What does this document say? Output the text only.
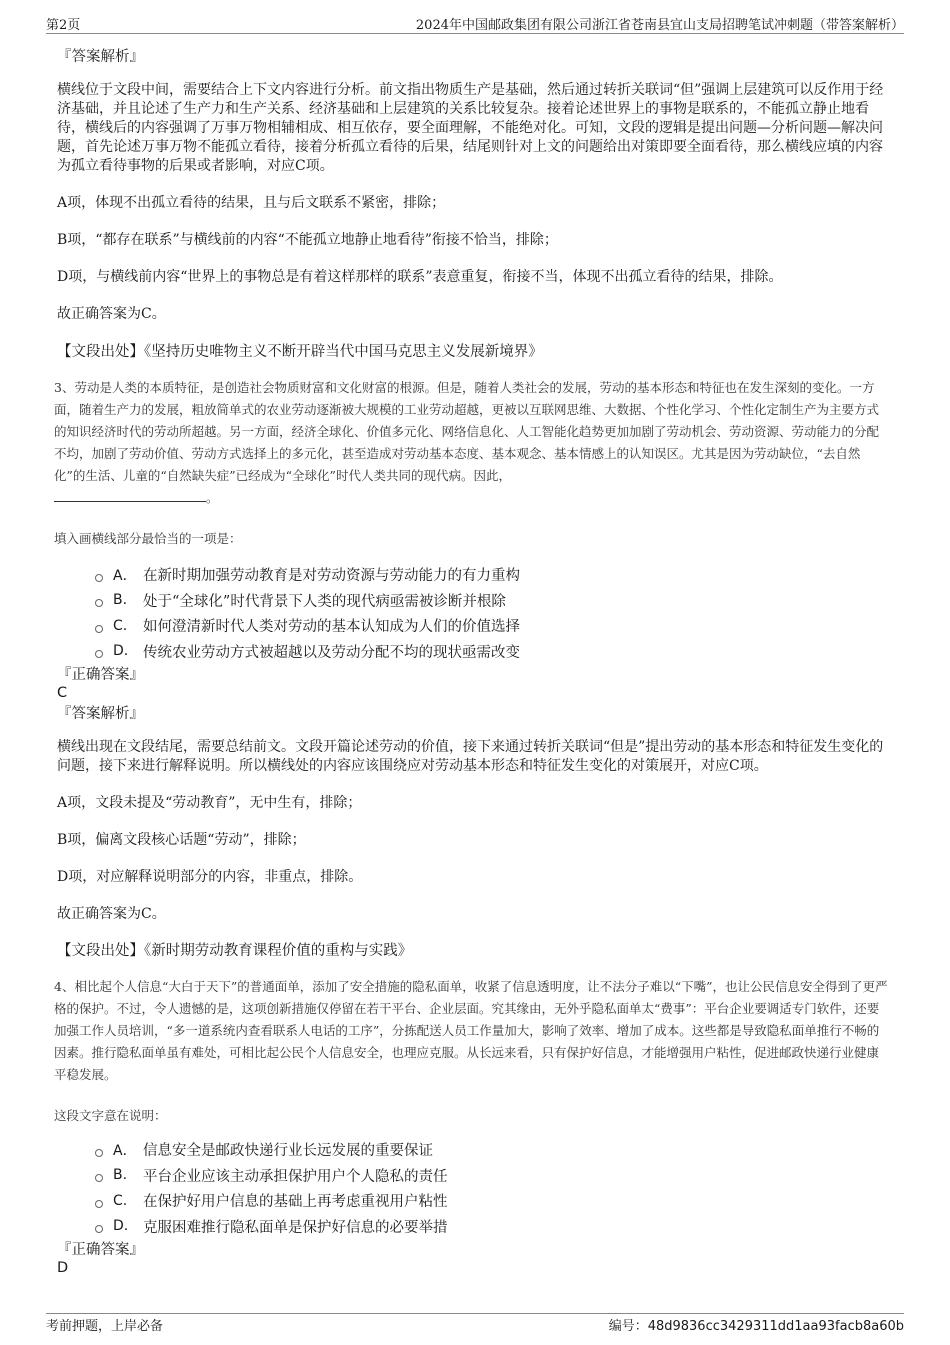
第2页	2024年中国邮政集团有限公司浙江省苍南县宜山支局招聘笔试冲刺题（带答案解析）
『答案解析』

横线位于文段中间，需要结合上下文内容进行分析。前文指出物质生产是基础，然后通过转折关联词“但”强调上层建筑可以反作用于经济基础，并且论述了生产力和生产关系、经济基础和上层建筑的关系比较复杂。接着论述世界上的事物是联系的，不能孤立静止地看待，横线后的内容强调了万事万物相辅相成、相互依存，要全面理解，不能绝对化。可知，文段的逻辑是提出问题—分析问题—解决问题，首先论述万事万物不能孤立看待，接着分析孤立看待的后果，结尾则针对上文的问题给出对策即要全面看待，那么横线应填的内容为孤立看待事物的后果或者影响，对应C项。

A项，体现不出孤立看待的结果，且与后文联系不紧密，排除；

B项，“都存在联系”与横线前的内容“不能孤立地静止地看待”衔接不恰当，排除；

D项，与横线前内容“世界上的事物总是有着这样那样的联系”表意重复，衔接不当，体现不出孤立看待的结果，排除。

故正确答案为C。

【文段出处】《坚持历史唯物主义不断开辟当代中国马克思主义发展新境界》

3、劳动是人类的本质特征，是创造社会物质财富和文化财富的根源。但是，随着人类社会的发展，劳动的基本形态和特征也在发生深刻的变化。一方面，随着生产力的发展，粗放简单式的农业劳动逐渐被大规模的工业劳动超越，更被以互联网思维、大数据、个性化学习、个性化定制生产为主要方式的知识经济时代的劳动所超越。另一方面，经济全球化、价值多元化、网络信息化、人工智能化趋势更加加剧了劳动机会、劳动资源、劳动能力的分配不均，加剧了劳动价值、劳动方式选择上的多元化，甚至造成对劳动基本态度、基本观念、基本情感上的认知误区。尤其是因为劳动缺位，“去自然化”的生活、儿童的“自然缺失症”已经成为“全球化”时代人类共同的现代病。因此，
。

填入画横线部分最恰当的一项是：

A． 在新时期加强劳动教育是对劳动资源与劳动能力的有力重构
B.	处于“全球化”时代背景下人类的现代病亟需被诊断并根除
C.	如何澄清新时代人类对劳动的基本认知成为人们的价值选择
D.	传统农业劳动方式被超越以及劳动分配不均的现状亟需改变
『正确答案』
C
『答案解析』

横线出现在文段结尾，需要总结前文。文段开篇论述劳动的价值，接下来通过转折关联词“但是”提出劳动的基本形态和特征发生变化的问题，接下来进行解释说明。所以横线处的内容应该围绕应对劳动基本形态和特征发生变化的对策展开，对应C项。

A项，文段未提及“劳动教育”，无中生有，排除；

B项，偏离文段核心话题“劳动”，排除；

D项，对应解释说明部分的内容，非重点，排除。

故正确答案为C。

【文段出处】《新时期劳动教育课程价值的重构与实践》

4、相比起个人信息“大白于天下”的普通面单，添加了安全措施的隐私面单，收紧了信息透明度，让不法分子难以“下嘴”，也让公民信息安全得到了更严格的保护。不过，令人遗憾的是，这项创新措施仅停留在若干平台、企业层面。究其缘由，无外乎隐私面单太“费事”：平台企业要调适专门软件，还要加强工作人员培训，“多一道系统内查看联系人电话的工序”，分拣配送人员工作量加大，影响了效率、增加了成本。这些都是导致隐私面单推行不畅的因素。推行隐私面单虽有难处，可相比起公民个人信息安全，也理应克服。从长远来看，只有保护好信息，才能增强用户粘性，促进邮政快递行业健康平稳发展。

这段文字意在说明：

A． 信息安全是邮政快递行业长远发展的重要保证
B.	平台企业应该主动承担保护用户个人隐私的责任
C.	在保护好用户信息的基础上再考虑重视用户粘性
D.	克服困难推行隐私面单是保护好信息的必要举措
『正确答案』
D
考前押题，上岸必备	编号：48d9836cc3429311dd1aa93facb8a60b
